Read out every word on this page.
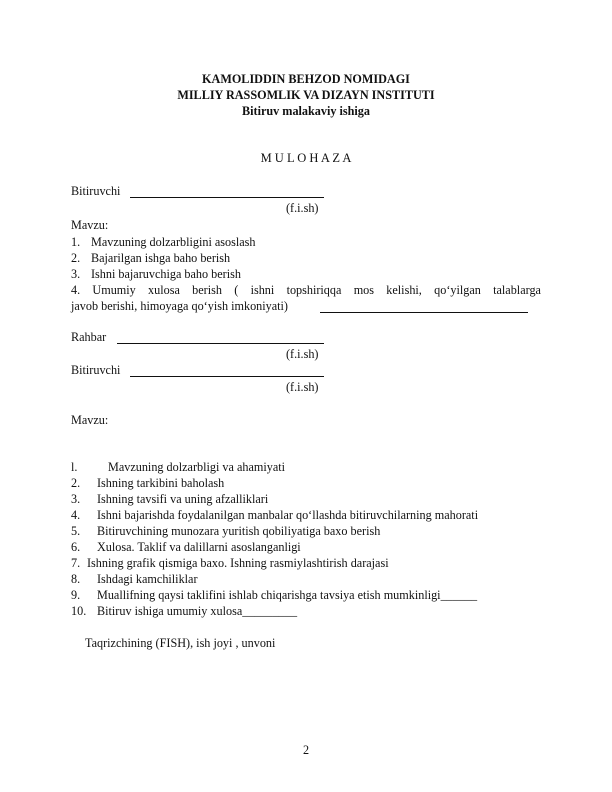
KAMOLIDDIN BEHZOD NOMIDAGI
MILLIY RASSOMLIK VA DIZAYN INSTITUTI
Bitiruv malakaviy ishiga
M U L O H A Z A
Bitiruvchi
(f.i.sh)
Mavzu:
1. Mavzuning dolzarbligini asoslash
2. Bajarilgan ishga baho berish
3. Ishni bajaruvchiga baho berish
4. Umumiy xulosa berish ( ishni topshiriqqa mos kelishi, qo‘yilgan talablarga
javob berishi, himoyaga qo‘yish imkoniyati)
Rahbar
(f.i.sh)
Bitiruvchi
(f.i.sh)
Mavzu:
l.	Mavzuning dolzarbligi va ahamiyati
2. Ishning tarkibini baholash
3. Ishning tavsifi va uning afzalliklari
4. Ishni bajarishda foydalanilgan manbalar qo‘llashda bitiruvchilarning mahorati
5. Bitiruvchining munozara yuritish qobiliyatiga baxo berish
6. Xulosa. Taklif va dalillarni asoslanganligi
7. Ishning grafik qismiga baxo. Ishning rasmiylashtirish darajasi
8. Ishdagi kamchiliklar
9. Muallifning qaysi taklifini ishlab chiqarishga tavsiya etish mumkinligi______
10. Bitiruv ishiga umumiy xulosa_________
Taqrizchining (FISH), ish joyi , unvoni
2
